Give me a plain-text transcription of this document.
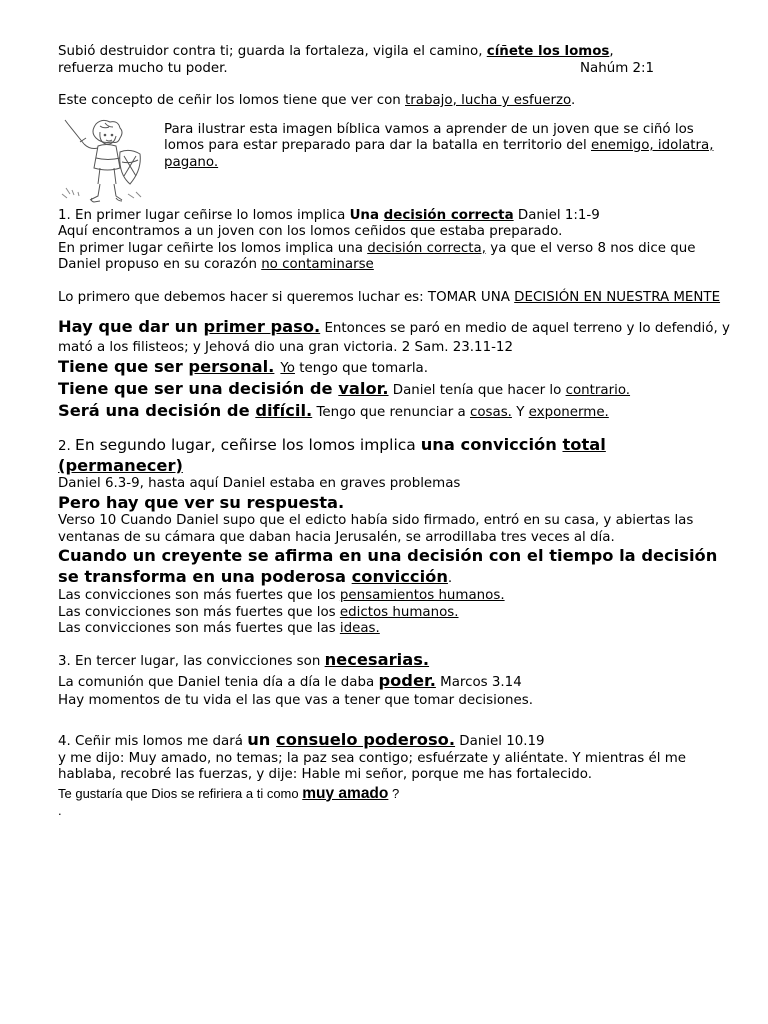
Subió destruidor contra ti; guarda la fortaleza, vigila el camino, cíñete los lomos,
refuerza mucho tu poder.	Nahúm 2:1

Este concepto de ceñir los lomos tiene que ver con trabajo, lucha y esfuerzo.

Para ilustrar esta imagen bíblica vamos a aprender de un joven que se ciñó los lomos para estar preparado para dar la batalla en territorio del enemigo, idolatra, pagano.

1. En primer lugar ceñirse lo lomos implica Una decisión correcta Daniel 1:1-9
Aquí encontramos a un joven con los lomos ceñidos que estaba preparado.
En primer lugar ceñirte los lomos implica una decisión correcta, ya que el verso 8 nos dice que Daniel propuso en su corazón no contaminarse

Lo primero que debemos hacer si queremos luchar es: TOMAR UNA DECISIÓN EN NUESTRA MENTE

Hay que dar un primer paso. Entonces se paró en medio de aquel terreno y lo defendió, y mató a los filisteos; y Jehová dio una gran victoria. 2 Sam. 23.11-12

Tiene que ser personal. Yo tengo que tomarla.

Tiene que ser una decisión de valor. Daniel tenía que hacer lo contrario.

Será una decisión de difícil. Tengo que renunciar a cosas. Y exponerme.

2. En segundo lugar, ceñirse los lomos implica una convicción total (permanecer)
Daniel 6.3-9, hasta aquí Daniel estaba en graves problemas
Pero hay que ver su respuesta.
Verso 10 Cuando Daniel supo que el edicto había sido firmado, entró en su casa, y abiertas las ventanas de su cámara que daban hacia Jerusalén, se arrodillaba tres veces al día.

Cuando un creyente se afirma en una decisión con el tiempo la decisión se transforma en una poderosa convicción.

Las convicciones son más fuertes que los pensamientos humanos.
Las convicciones son más fuertes que los edictos humanos.
Las convicciones son más fuertes que las ideas.

3. En tercer lugar, las convicciones son necesarias.

La comunión que Daniel tenia día a día le daba poder. Marcos 3.14
Hay momentos de tu vida el las que vas a tener que tomar decisiones.

4. Ceñir mis lomos me dará un consuelo poderoso. Daniel 10.19

y me dijo: Muy amado, no temas; la paz sea contigo; esfuérzate y aliéntate. Y mientras él me hablaba, recobré las fuerzas, y dije: Hable mi señor, porque me has fortalecido.

Te gustaría que Dios se refiriera a ti como muy amado ?

.
